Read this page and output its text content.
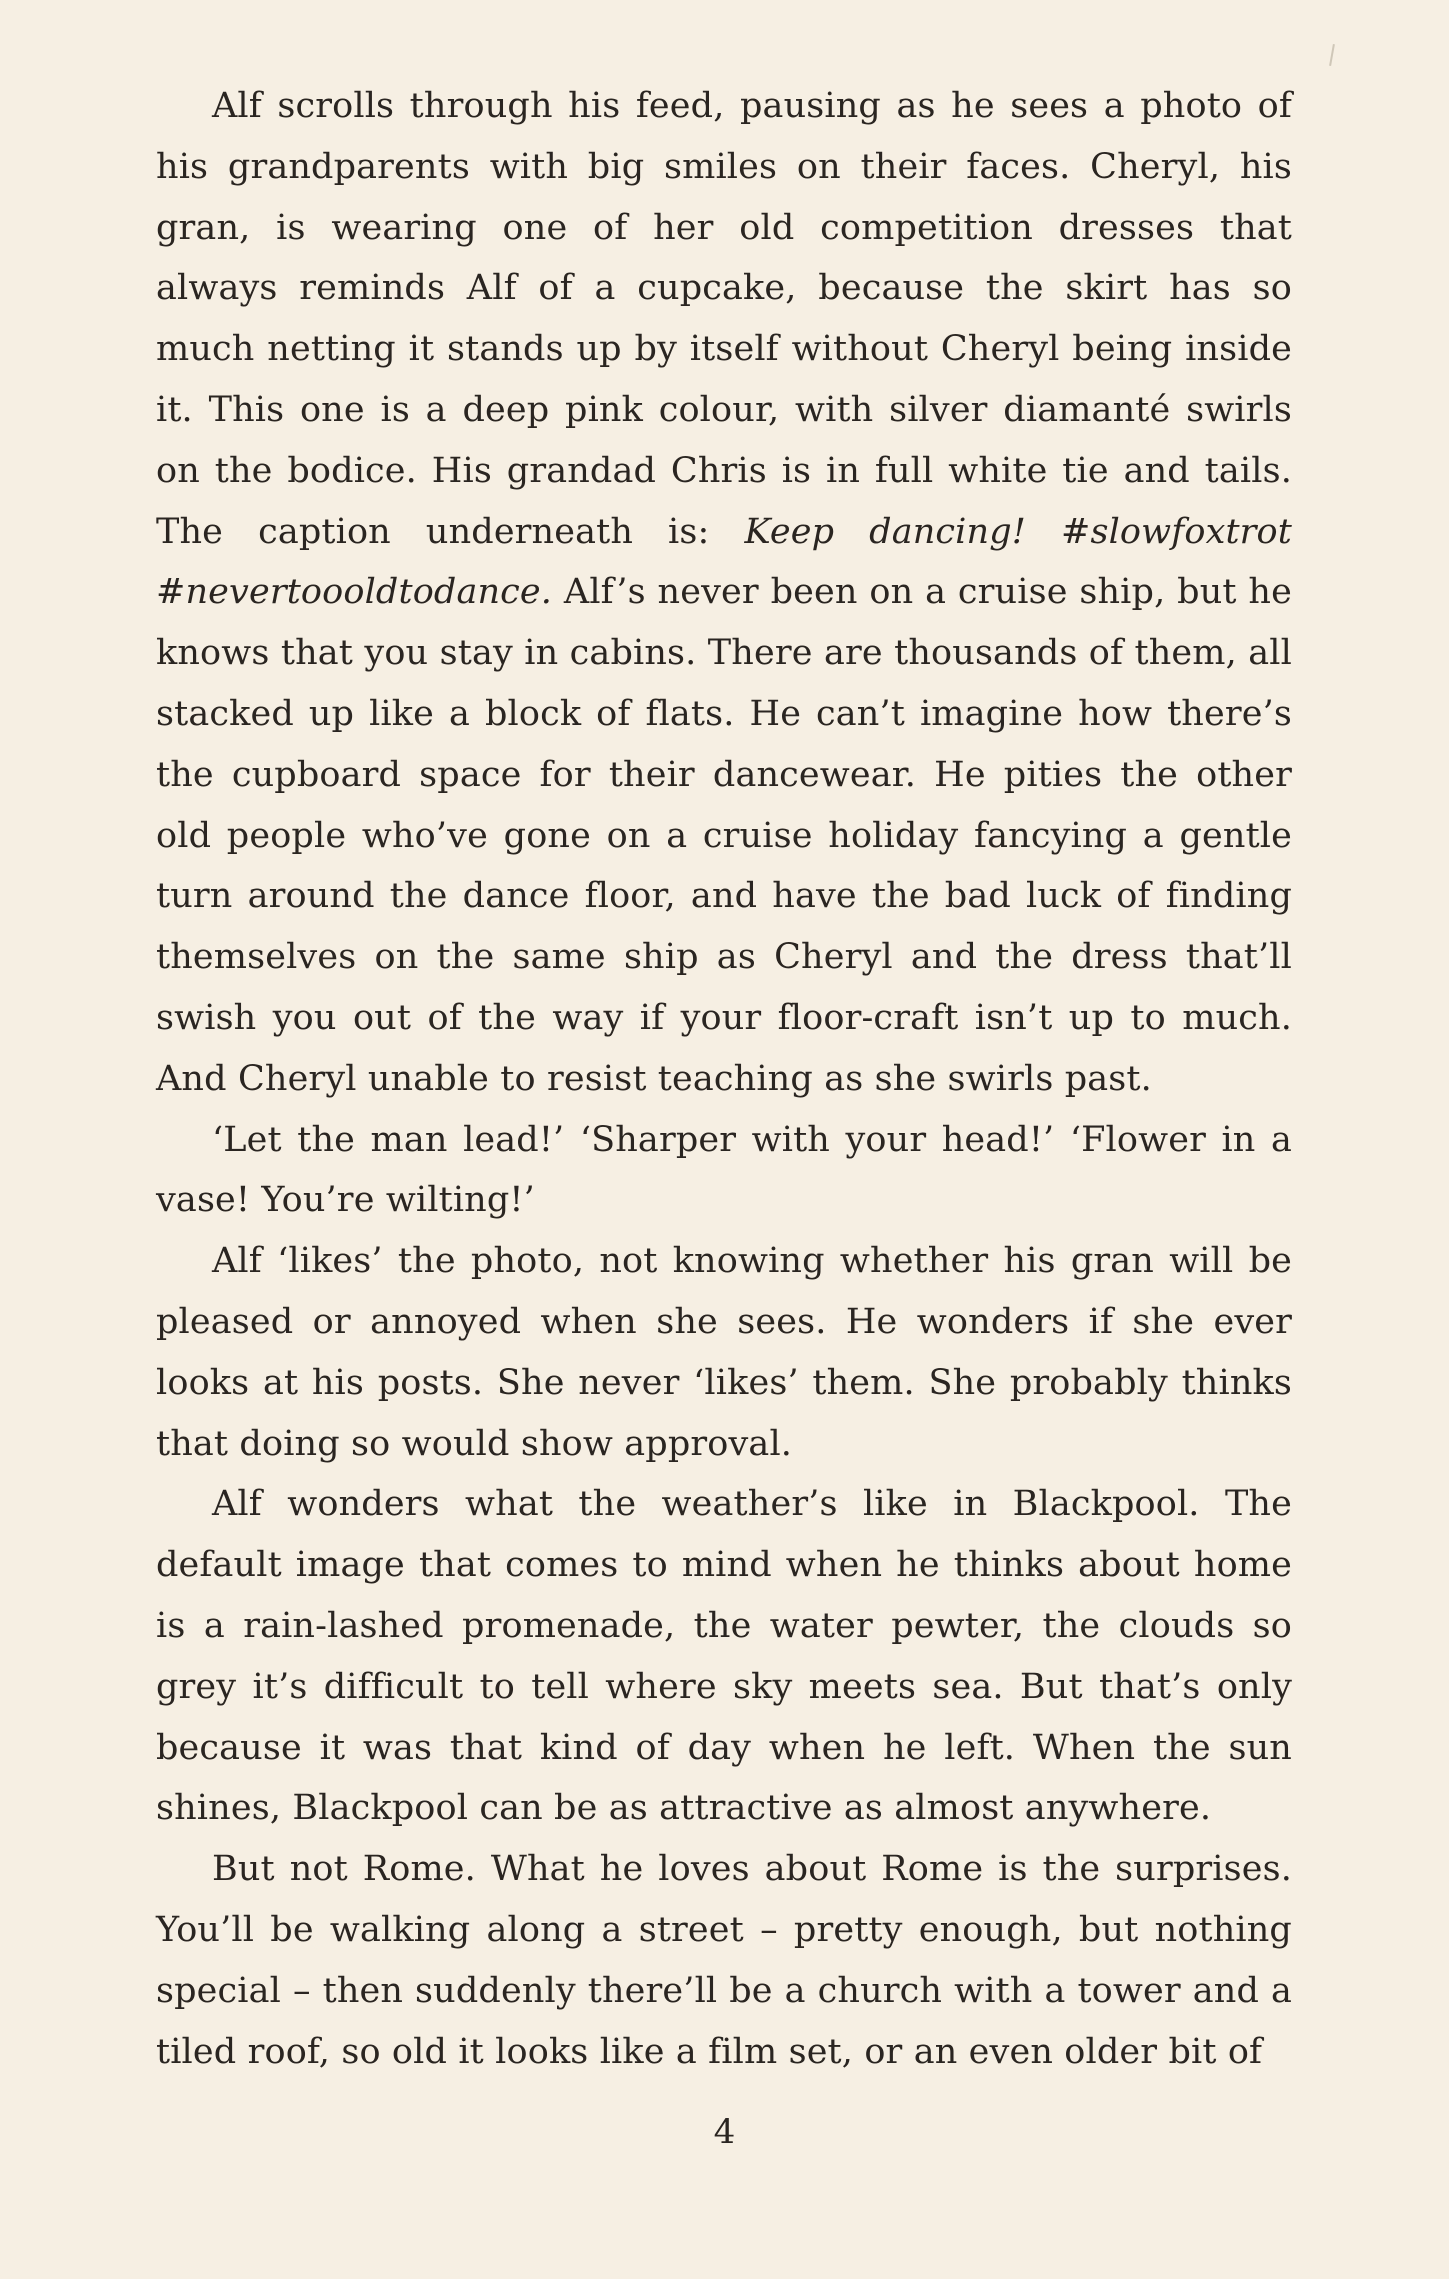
Alf scrolls through his feed, pausing as he sees a photo of his grandparents with big smiles on their faces. Cheryl, his gran, is wearing one of her old competition dresses that always reminds Alf of a cupcake, because the skirt has so much netting it stands up by itself without Cheryl being inside it. This one is a deep pink colour, with silver diamanté swirls on the bodice. His grandad Chris is in full white tie and tails. The caption underneath is: Keep dancing! #slowfoxtrot #nevertoooldtodance. Alf’s never been on a cruise ship, but he knows that you stay in cabins. There are thousands of them, all stacked up like a block of flats. He can’t imagine how there’s the cupboard space for their dancewear. He pities the other old people who’ve gone on a cruise holiday fancying a gentle turn around the dance floor, and have the bad luck of finding themselves on the same ship as Cheryl and the dress that’ll swish you out of the way if your floor-craft isn’t up to much. And Cheryl unable to resist teaching as she swirls past.

‘Let the man lead!’ ‘Sharper with your head!’ ‘Flower in a vase! You’re wilting!’

Alf ‘likes’ the photo, not knowing whether his gran will be pleased or annoyed when she sees. He wonders if she ever looks at his posts. She never ‘likes’ them. She probably thinks that doing so would show approval.

Alf wonders what the weather’s like in Blackpool. The default image that comes to mind when he thinks about home is a rain-lashed promenade, the water pewter, the clouds so grey it’s difficult to tell where sky meets sea. But that’s only because it was that kind of day when he left. When the sun shines, Blackpool can be as attractive as almost anywhere.

But not Rome. What he loves about Rome is the surprises. You’ll be walking along a street – pretty enough, but nothing special – then suddenly there’ll be a church with a tower and a tiled roof, so old it looks like a film set, or an even older bit of

4
